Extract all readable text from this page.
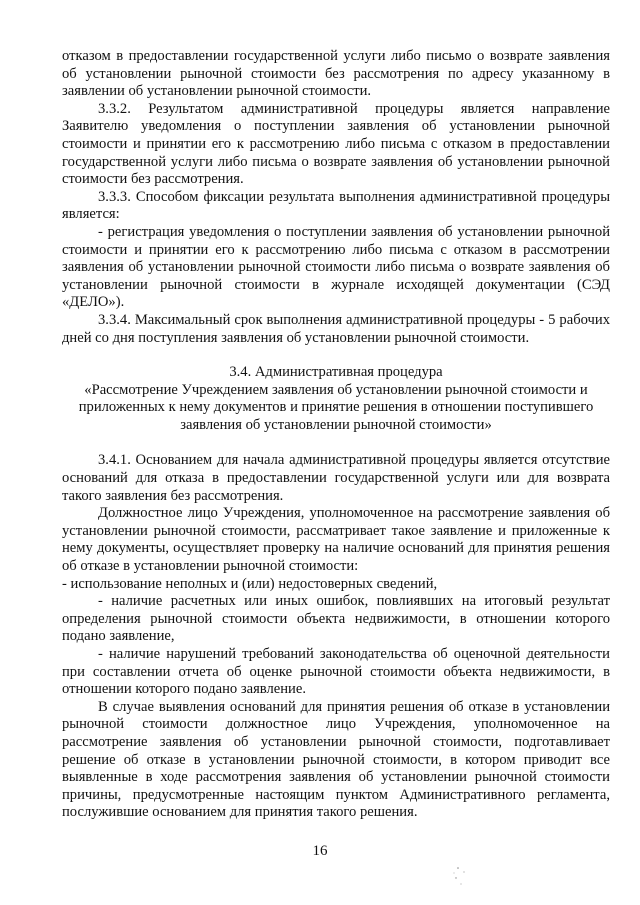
отказом в предоставлении государственной услуги либо письмо о возврате заявления об установлении рыночной стоимости без рассмотрения по адресу указанному в заявлении об установлении рыночной стоимости.

3.3.2. Результатом административной процедуры является направление Заявителю уведомления о поступлении заявления об установлении рыночной стоимости и принятии его к рассмотрению либо письма с отказом в предоставлении государственной услуги либо письма о возврате заявления об установлении рыночной стоимости без рассмотрения.

3.3.3. Способом фиксации результата выполнения административной процедуры является:

- регистрация уведомления о поступлении заявления об установлении рыночной стоимости и принятии его к рассмотрению либо письма с отказом в рассмотрении заявления об установлении рыночной стоимости либо письма о возврате заявления об установлении рыночной стоимости в журнале исходящей документации (СЭД «ДЕЛО»).

3.3.4. Максимальный срок выполнения административной процедуры - 5 рабочих дней со дня поступления заявления об установлении рыночной стоимости.

3.4. Административная процедура
«Рассмотрение Учреждением заявления об установлении рыночной стоимости и
приложенных к нему документов и принятие решения в отношении поступившего
заявления об установлении рыночной стоимости»

3.4.1. Основанием для начала административной процедуры является отсутствие оснований для отказа в предоставлении государственной услуги или для возврата такого заявления без рассмотрения.

Должностное лицо Учреждения, уполномоченное на рассмотрение заявления об установлении рыночной стоимости, рассматривает такое заявление и приложенные к нему документы, осуществляет проверку на наличие оснований для принятия решения об отказе в установлении рыночной стоимости:

- использование неполных и (или) недостоверных сведений,

- наличие расчетных или иных ошибок, повлиявших на итоговый результат определения рыночной стоимости объекта недвижимости, в отношении которого подано заявление,

- наличие нарушений требований законодательства об оценочной деятельности при составлении отчета об оценке рыночной стоимости объекта недвижимости, в отношении которого подано заявление.

В случае выявления оснований для принятия решения об отказе в установлении рыночной стоимости должностное лицо Учреждения, уполномоченное на рассмотрение заявления об установлении рыночной стоимости, подготавливает решение об отказе в установлении рыночной стоимости, в котором приводит все выявленные в ходе рассмотрения заявления об установлении рыночной стоимости причины, предусмотренные настоящим пунктом Административного регламента, послужившие основанием для принятия такого решения.

16
